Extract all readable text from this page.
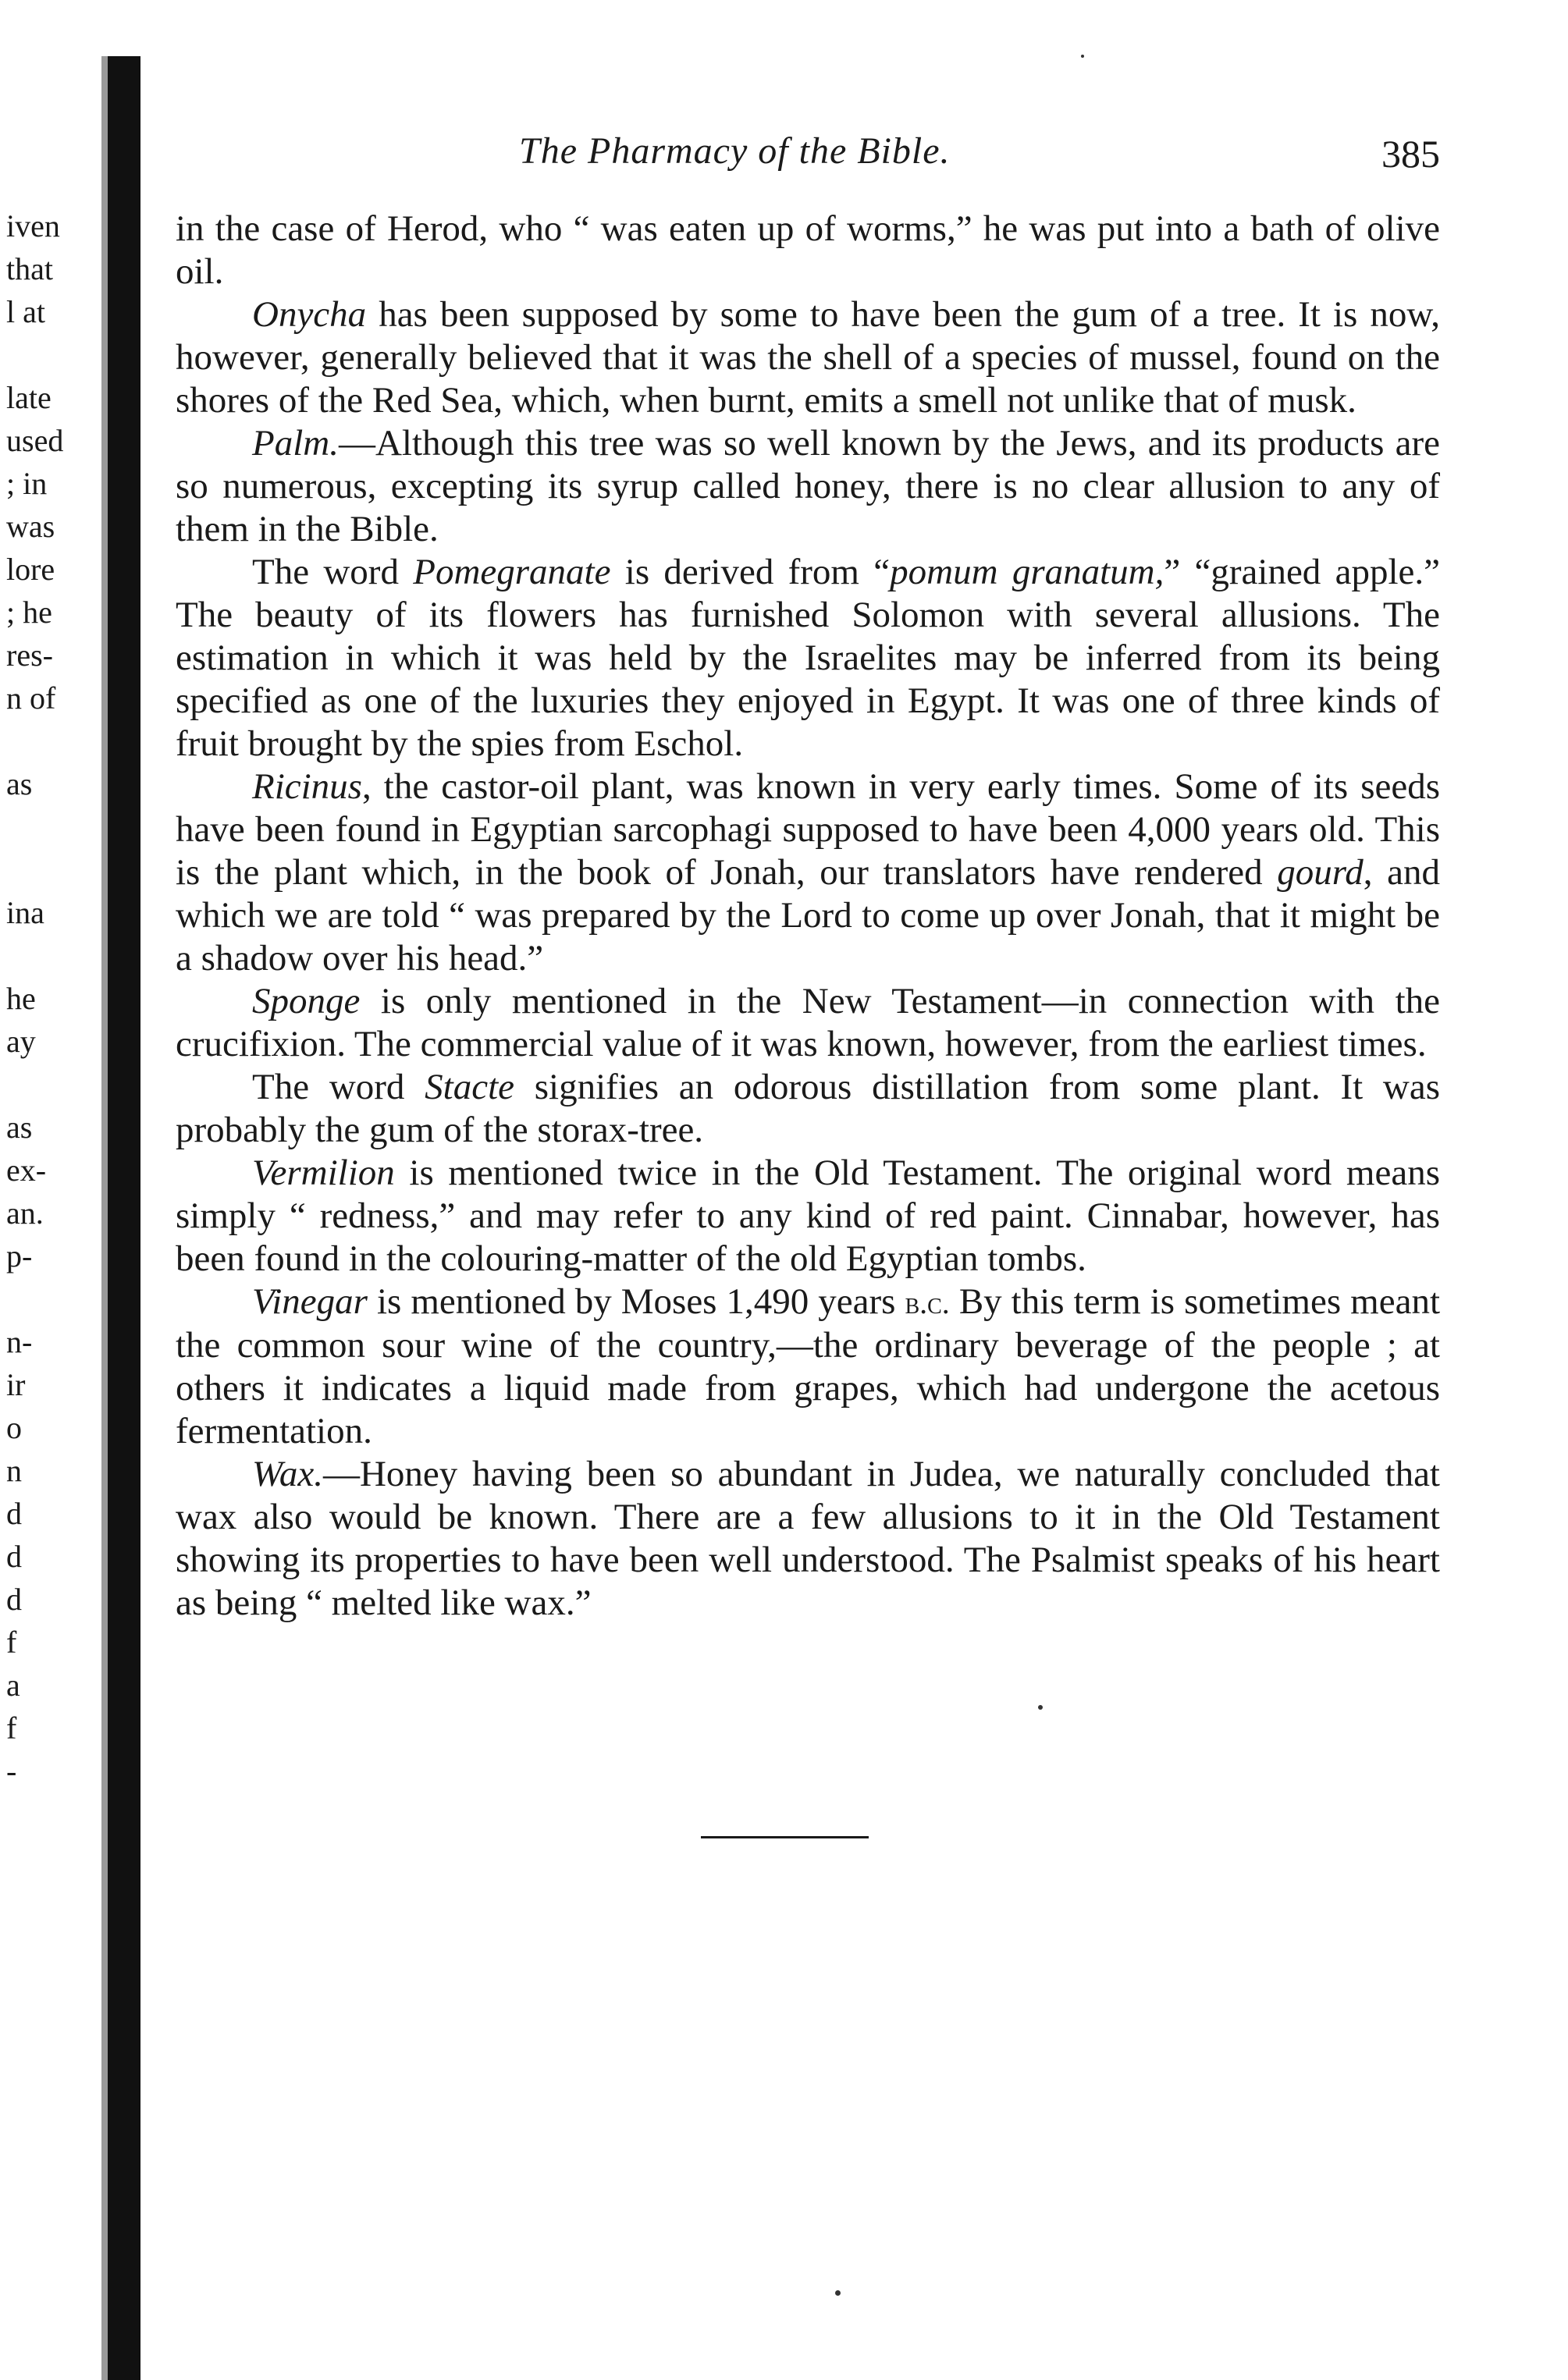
iven
that
l at
late
used
; in
was
lore
; he
res-
n of
as
ina
he
ay
as
ex-
an.
p-
n-
ir
o
n
d
d
d
f
a
f
-
The Pharmacy of the Bible.	385

in the case of Herod, who “ was eaten up of worms,” he was put into a bath of olive oil.

Onycha has been supposed by some to have been the gum of a tree. It is now, however, generally believed that it was the shell of a species of mussel, found on the shores of the Red Sea, which, when burnt, emits a smell not unlike that of musk.

Palm.—Although this tree was so well known by the Jews, and its products are so numerous, excepting its syrup called honey, there is no clear allusion to any of them in the Bible.

The word Pomegranate is derived from “pomum granatum,” “grained apple.” The beauty of its flowers has furnished Solomon with several allusions. The estimation in which it was held by the Israelites may be inferred from its being specified as one of the luxuries they enjoyed in Egypt. It was one of three kinds of fruit brought by the spies from Eschol.

Ricinus, the castor-oil plant, was known in very early times. Some of its seeds have been found in Egyptian sarcophagi supposed to have been 4,000 years old. This is the plant which, in the book of Jonah, our translators have rendered gourd, and which we are told “ was prepared by the Lord to come up over Jonah, that it might be a shadow over his head.”

Sponge is only mentioned in the New Testament—in connection with the crucifixion. The commercial value of it was known, however, from the earliest times.

The word Stacte signifies an odorous distillation from some plant. It was probably the gum of the storax-tree.

Vermilion is mentioned twice in the Old Testament. The original word means simply “ redness,” and may refer to any kind of red paint. Cinnabar, however, has been found in the colouring-matter of the old Egyptian tombs.

Vinegar is mentioned by Moses 1,490 years b.c. By this term is sometimes meant the common sour wine of the country,—the ordinary beverage of the people ; at others it indicates a liquid made from grapes, which had undergone the acetous fermentation.

Wax.—Honey having been so abundant in Judea, we naturally concluded that wax also would be known. There are a few allusions to it in the Old Testament showing its properties to have been well understood. The Psalmist speaks of his heart as being “ melted like wax.”
